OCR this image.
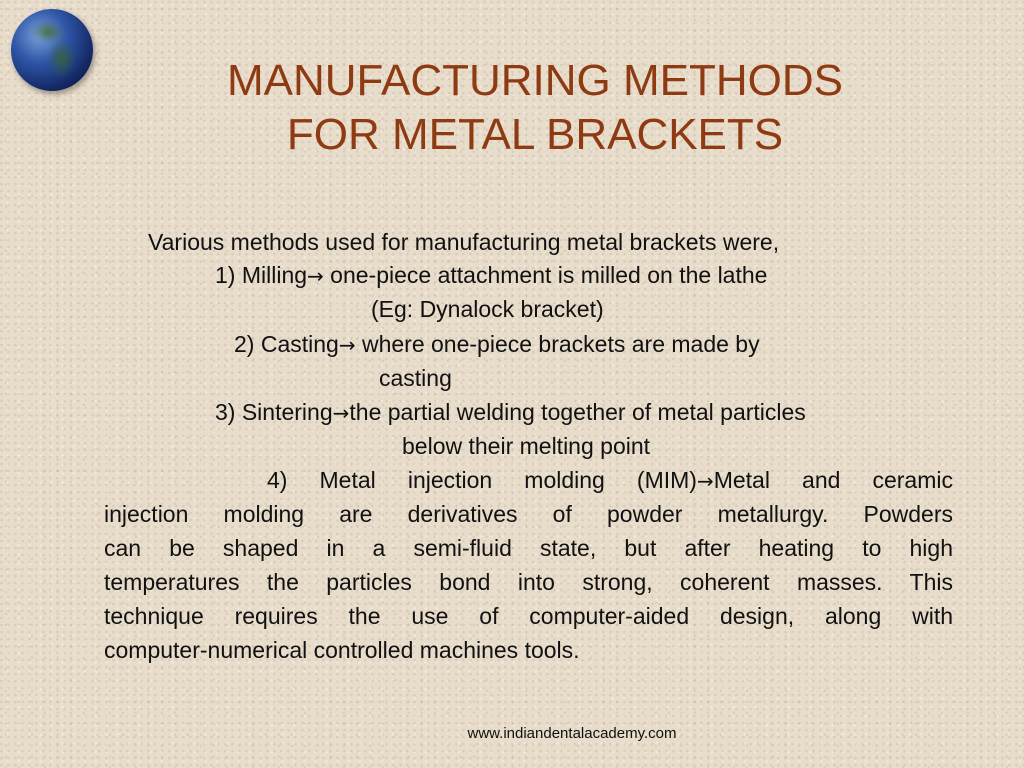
MANUFACTURING METHODS
FOR METAL BRACKETS

Various methods used for manufacturing metal brackets were,

1) Milling→ one-piece attachment is milled on the lathe

(Eg: Dynalock bracket)

2) Casting→ where one-piece brackets are made by

casting

3) Sintering→the partial welding together of metal particles

below their melting point

4) Metal injection molding (MIM)→Metal and ceramic

injection molding are derivatives of powder metallurgy. Powders

can be shaped in a semi-fluid state, but after heating to high

temperatures the particles bond into strong, coherent masses. This

technique requires the use of computer-aided design, along with

computer-numerical controlled machines tools.

www.indiandentalacademy.com
